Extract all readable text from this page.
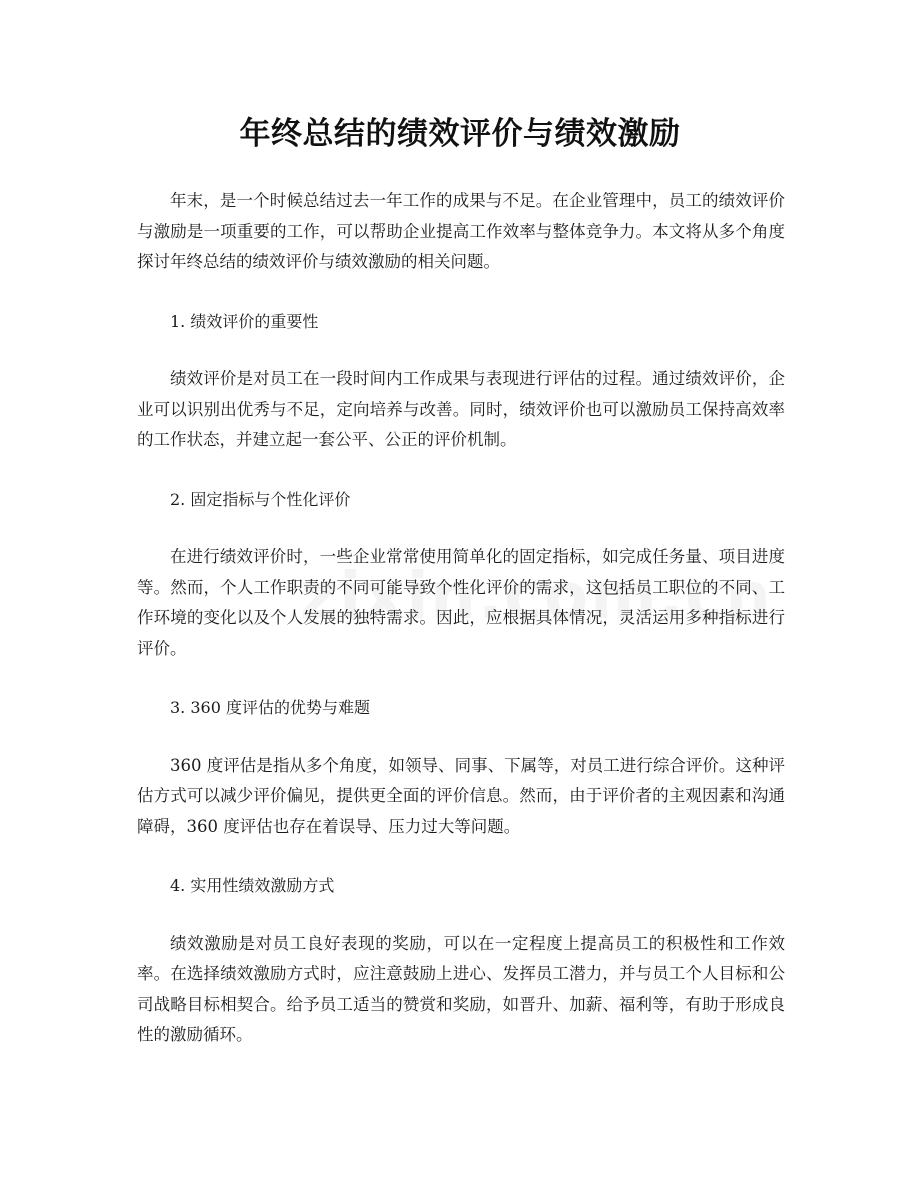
年终总结的绩效评价与绩效激励

年末，是一个时候总结过去一年工作的成果与不足。在企业管理中，员工的绩效评价与激励是一项重要的工作，可以帮助企业提高工作效率与整体竞争力。本文将从多个角度探讨年终总结的绩效评价与绩效激励的相关问题。

1. 绩效评价的重要性

绩效评价是对员工在一段时间内工作成果与表现进行评估的过程。通过绩效评价，企业可以识别出优秀与不足，定向培养与改善。同时，绩效评价也可以激励员工保持高效率的工作状态，并建立起一套公平、公正的评价机制。

2. 固定指标与个性化评价

在进行绩效评价时，一些企业常常使用简单化的固定指标，如完成任务量、项目进度等。然而，个人工作职责的不同可能导致个性化评价的需求，这包括员工职位的不同、工作环境的变化以及个人发展的独特需求。因此，应根据具体情况，灵活运用多种指标进行评价。

3. 360 度评估的优势与难题

360 度评估是指从多个角度，如领导、同事、下属等，对员工进行综合评价。这种评估方式可以减少评价偏见，提供更全面的评价信息。然而，由于评价者的主观因素和沟通障碍，360 度评估也存在着误导、压力过大等问题。

4. 实用性绩效激励方式

绩效激励是对员工良好表现的奖励，可以在一定程度上提高员工的积极性和工作效率。在选择绩效激励方式时，应注意鼓励上进心、发挥员工潜力，并与员工个人目标和公司战略目标相契合。给予员工适当的赞赏和奖励，如晋升、加薪、福利等，有助于形成良性的激励循环。
